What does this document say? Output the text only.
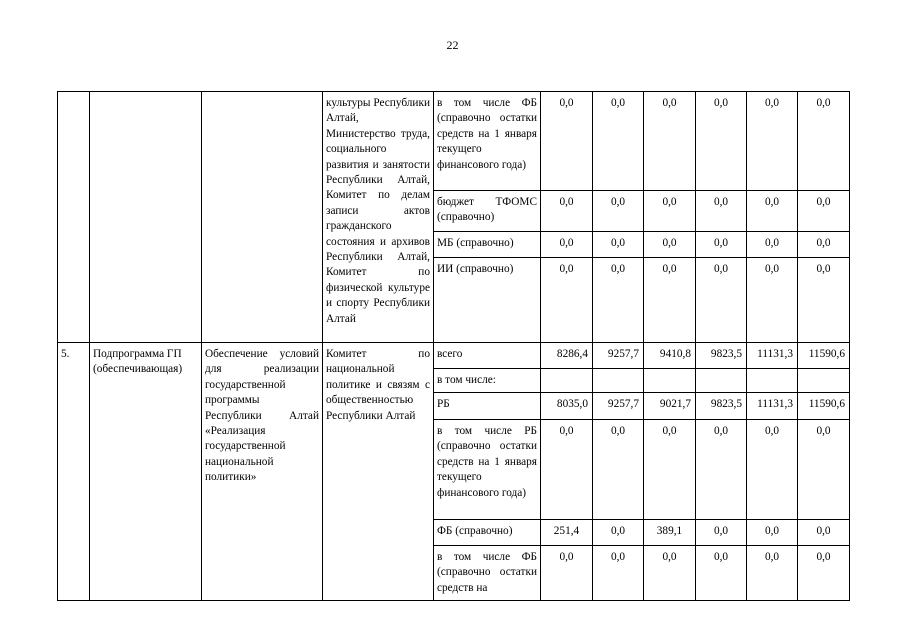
22
			культуры Республики Алтай, Министерство труда, социального развития и занятости Республики Алтай, Комитет по делам записи актов гражданского состояния и архивов Республики Алтай, Комитет по физической культуре и спорту Республики Алтай	в том числе ФБ (справочно остатки средств на 1 января текущего финансового года)	0,0	0,0	0,0	0,0	0,0	0,0
				бюджет ТФОМС (справочно)	0,0	0,0	0,0	0,0	0,0	0,0
				МБ (справочно)	0,0	0,0	0,0	0,0	0,0	0,0
				ИИ (справочно)	0,0	0,0	0,0	0,0	0,0	0,0
5.	Подпрограмма ГП (обеспечивающая)	Обеспечение условий для реализации государственной программы Республики Алтай «Реализация государственной национальной политики»	Комитет по национальной политике и связям с общественностью Республики Алтай	всего	8286,4	9257,7	9410,8	9823,5	11131,3	11590,6
				в том числе:						
				РБ	8035,0	9257,7	9021,7	9823,5	11131,3	11590,6
				в том числе РБ (справочно остатки средств на 1 января текущего финансового года)	0,0	0,0	0,0	0,0	0,0	0,0
				ФБ (справочно)	251,4	0,0	389,1	0,0	0,0	0,0

				в том числе ФБ (справочно остатки средств на	0,0	0,0	0,0	0,0	0,0	0,0
